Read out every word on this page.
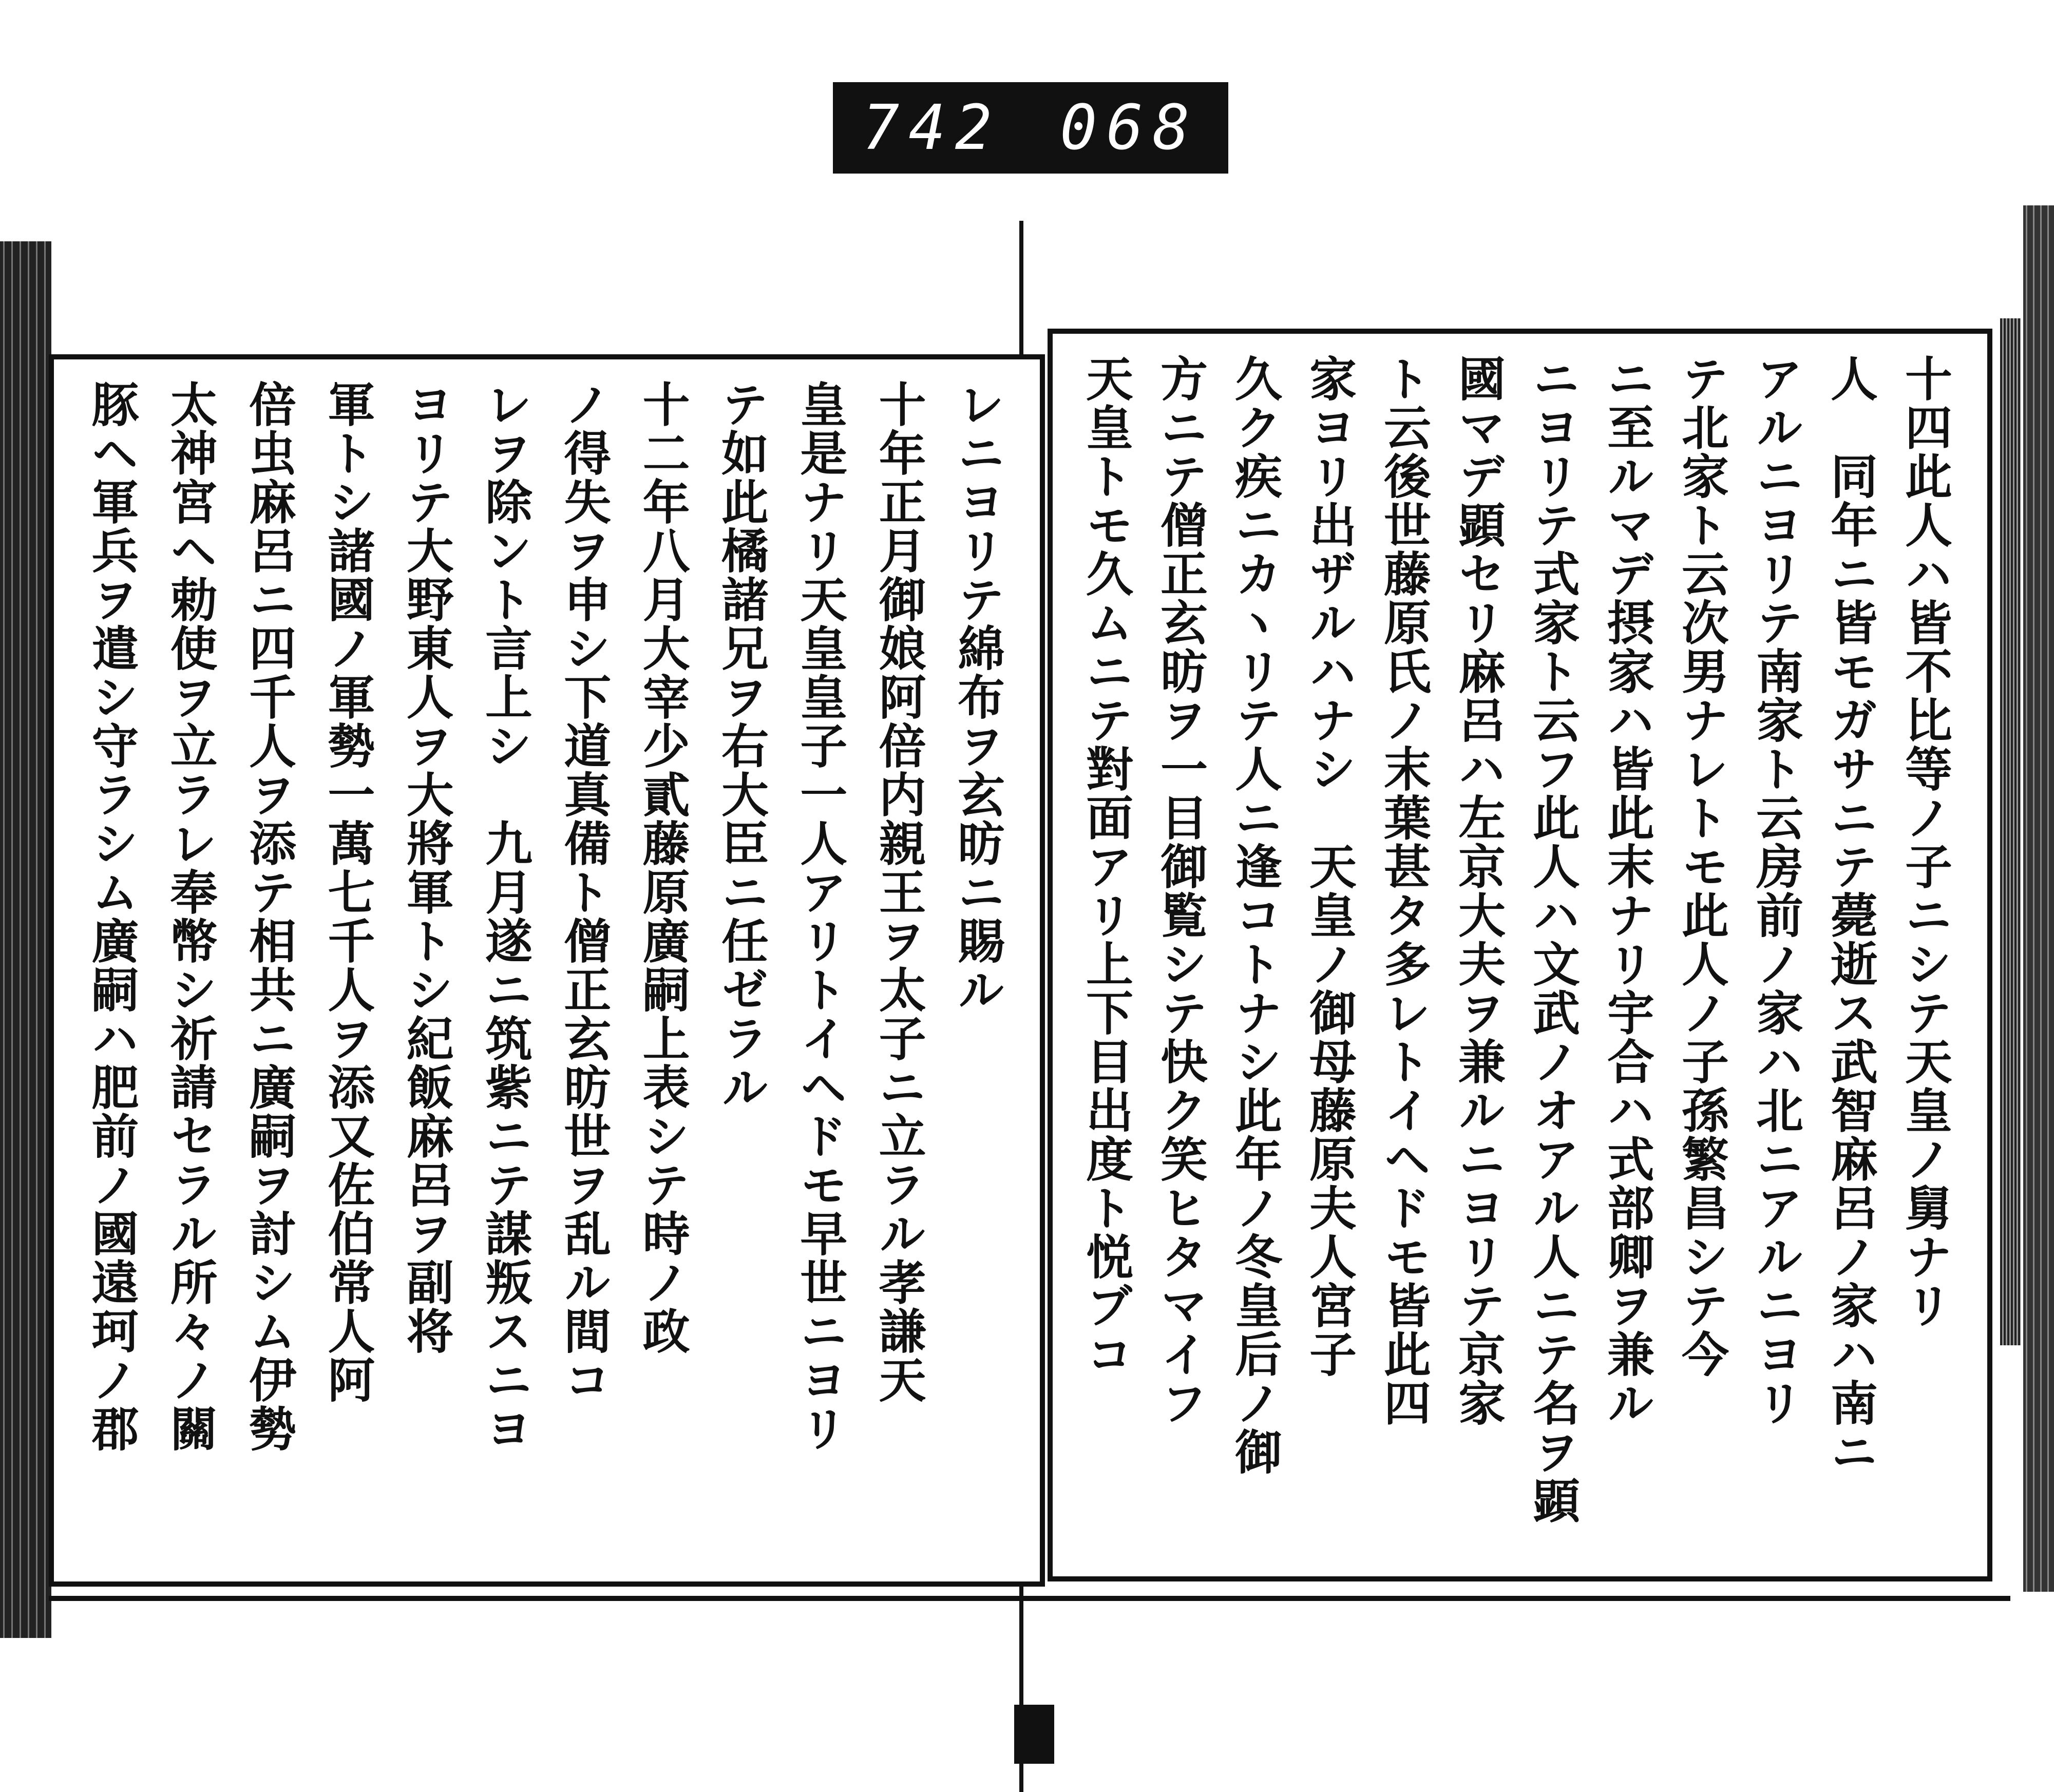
742 068
十四此人ハ皆不比等ノ子ニシテ天皇ノ舅ナリ
人　同年ニ皆モガサニテ薨逝ス武智麻呂ノ家ハ南ニ
アルニヨリテ南家ト云房前ノ家ハ北ニアルニヨリ
テ北家ト云次男ナレトモ此人ノ子孫繁昌シテ今
ニ至ルマデ摂家ハ皆此末ナリ宇合ハ式部卿ヲ兼ル
ニヨリテ式家ト云フ此人ハ文武ノオアル人ニテ名ヲ顕
國マデ顕セリ麻呂ハ左京大夫ヲ兼ルニヨリテ京家
ト云後世藤原氏ノ末葉甚タ多レトイヘドモ皆此四
家ヨリ出ザルハナシ　天皇ノ御母藤原夫人宮子
久ク疾ニカヽリテ人ニ逢コトナシ此年ノ冬皇后ノ御
方ニテ僧正玄昉ヲ一目御覧シテ快ク笑ヒタマイフ
天皇トモ久ムニテ對面アリ上下目出度ト悦ブコ
レニヨリテ綿布ヲ玄昉ニ賜ル
十年正月御娘阿倍内親王ヲ太子ニ立ラル孝謙天
皇是ナリ天皇皇子一人アリトイヘドモ早世ニヨリ
テ如此橘諸兄ヲ右大臣ニ任ゼラル
十二年八月大宰少貳藤原廣嗣上表シテ時ノ政
ノ得失ヲ申シ下道真備ト僧正玄昉世ヲ乱ル間コ
レヲ除ント言上シ　九月遂ニ筑紫ニテ謀叛スニヨ
ヨリテ大野東人ヲ大將軍トシ紀飯麻呂ヲ副将
軍トシ諸國ノ軍勢一萬七千人ヲ添又佐伯常人阿
倍虫麻呂ニ四千人ヲ添テ相共ニ廣嗣ヲ討シム伊勢
太神宮ヘ勅使ヲ立ラレ奉幣シ祈請セラル所々ノ關
豚ヘ軍兵ヲ遣シ守ラシム廣嗣ハ肥前ノ國遠珂ノ郡
